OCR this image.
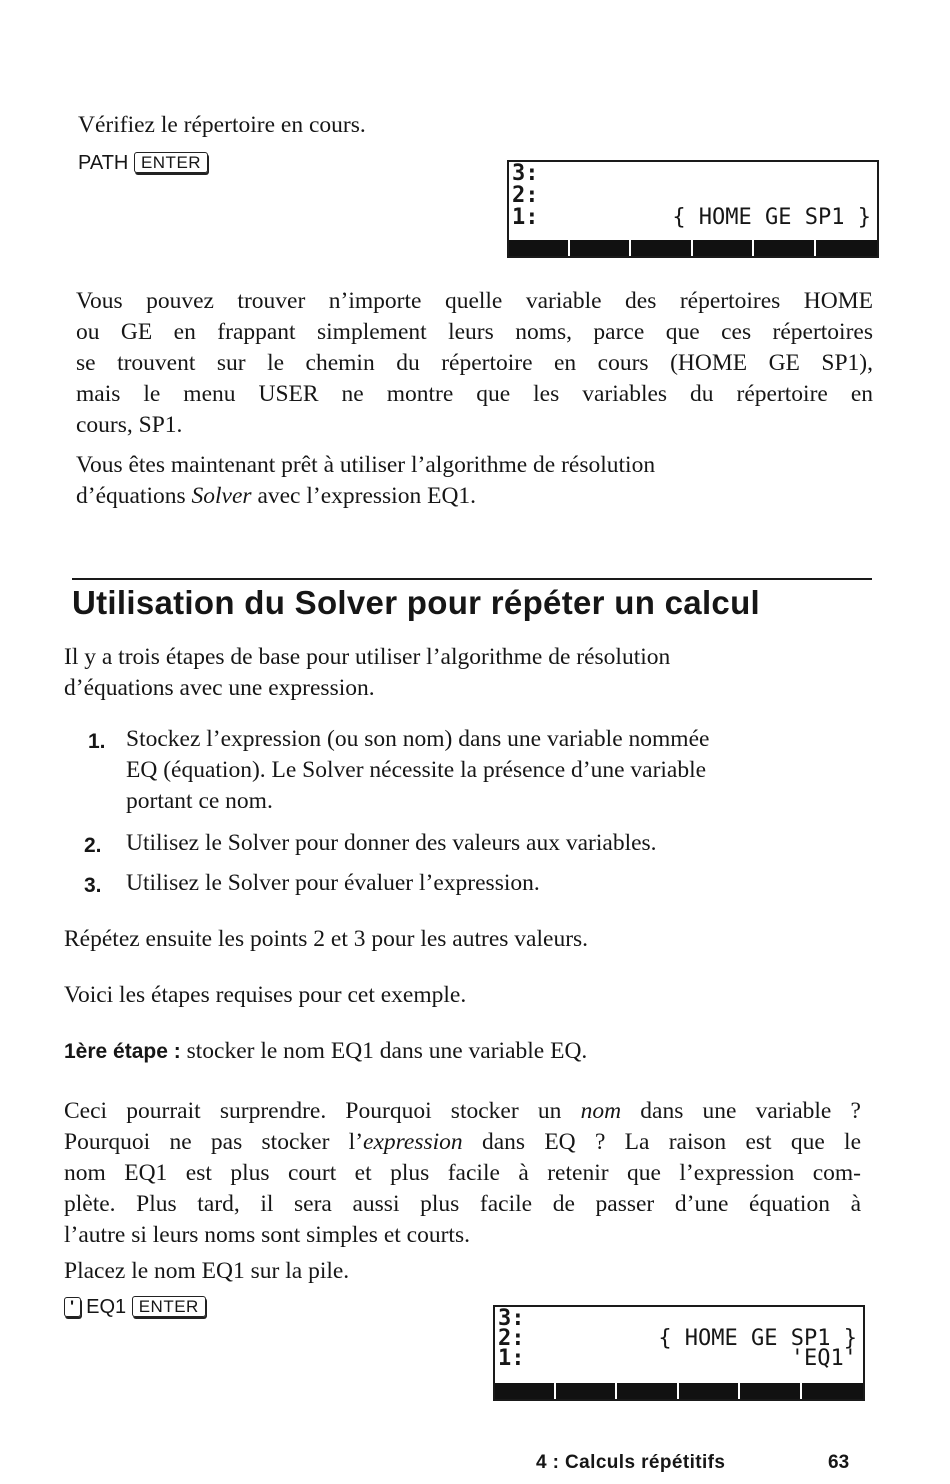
Vérifiez le répertoire en cours.
PATH ENTER	3:
2:
1:	{ HOME GE SP1 }
Vous pouvez trouver n’importe quelle variable des répertoires HOME
ou GE en frappant simplement leurs noms, parce que ces répertoires
se trouvent sur le chemin du répertoire en cours (HOME GE SP1),
mais le menu USER ne montre que les variables du répertoire en
cours, SP1.
Vous êtes maintenant prêt à utiliser l’algorithme de résolution
d’équations Solver avec l’expression EQ1.
Utilisation du Solver pour répéter un calcul
Il y a trois étapes de base pour utiliser l’algorithme de résolution
d’équations avec une expression.
1. Stockez l’expression (ou son nom) dans une variable nommée
EQ (équation). Le Solver nécessite la présence d’une variable
portant ce nom.
2. Utilisez le Solver pour donner des valeurs aux variables.
3. Utilisez le Solver pour évaluer l’expression.
Répétez ensuite les points 2 et 3 pour les autres valeurs.
Voici les étapes requises pour cet exemple.
1ère étape : stocker le nom EQ1 dans une variable EQ.
Ceci pourrait surprendre. Pourquoi stocker un nom dans une variable ?
Pourquoi ne pas stocker l’expression dans EQ ? La raison est que le
nom EQ1 est plus court et plus facile à retenir que l’expression com-
plète. Plus tard, il sera aussi plus facile de passer d’une équation à
l’autre si leurs noms sont simples et courts.
Placez le nom EQ1 sur la pile.
' EQ1 ENTER	3:
2:
1:
{ HOME GE SP1 }
'EQ1'
4 : Calculs répétitifs	63
